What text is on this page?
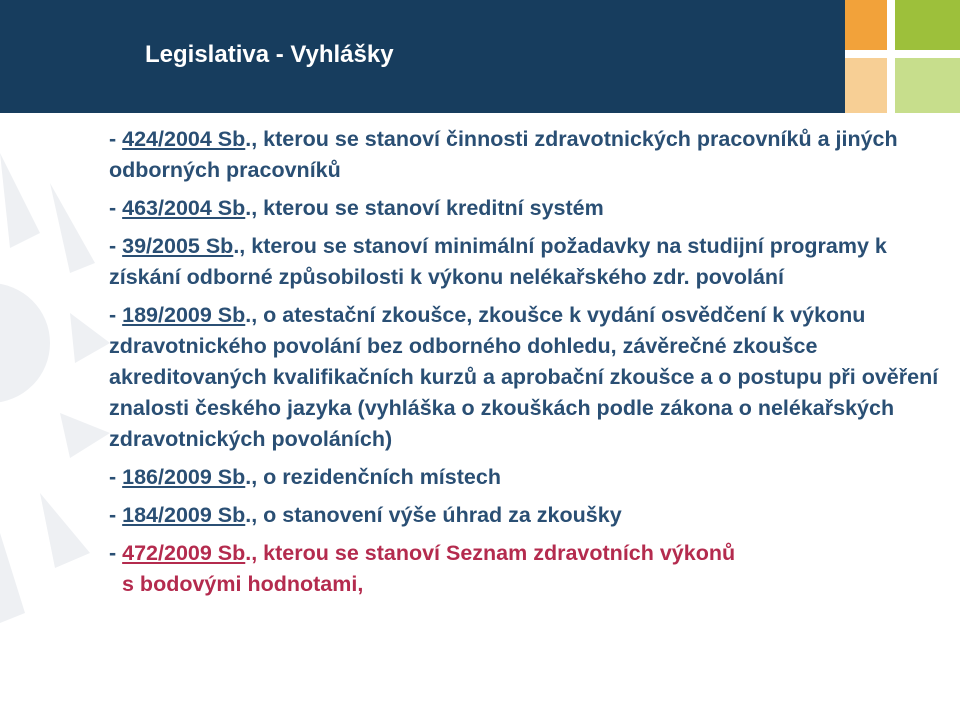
Legislativa - Vyhlášky

- 424/2004 Sb., kterou se stanoví činnosti zdravotnických pracovníků a jiných odborných pracovníků

- 463/2004 Sb., kterou se stanoví kreditní systém

- 39/2005 Sb., kterou se stanoví minimální požadavky na studijní programy k získání odborné způsobilosti k výkonu nelékařského zdr. povolání

- 189/2009 Sb., o atestační zkoušce, zkoušce k vydání osvědčení k výkonu zdravotnického povolání bez odborného dohledu, závěrečné zkoušce akreditovaných kvalifikačních kurzů a aprobační zkoušce a o postupu při ověření znalosti českého jazyka (vyhláška o zkouškách podle zákona o nelékařských zdravotnických povoláních)

- 186/2009 Sb., o rezidenčních místech

- 184/2009 Sb., o stanovení výše úhrad za zkoušky

- 472/2009 Sb., kterou se stanoví Seznam zdravotních výkonů

s bodovými hodnotami,
